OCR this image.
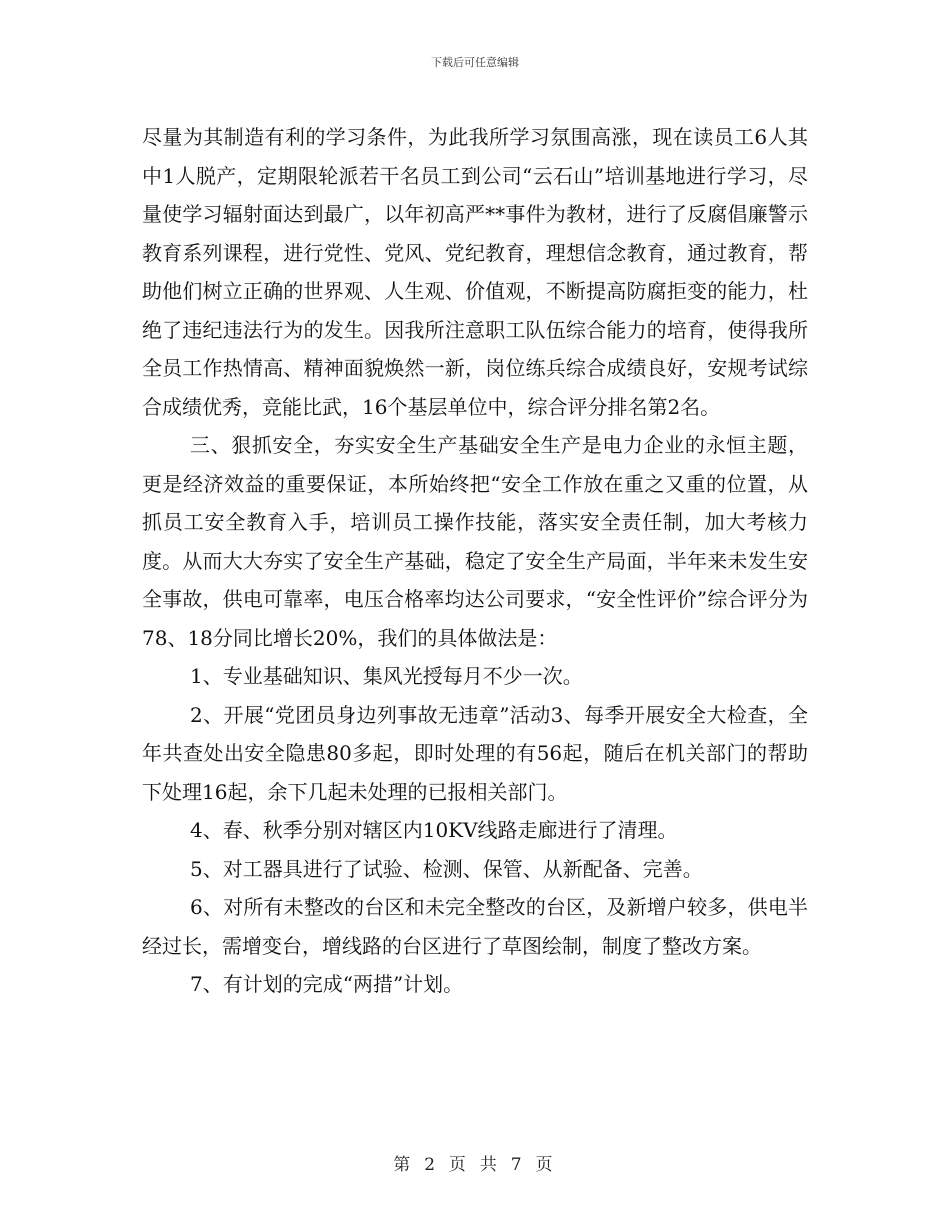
下载后可任意编辑

尽量为其制造有利的学习条件，为此我所学习氛围高涨，现在读员工6人其中1人脱产，定期限轮派若干名员工到公司“云石山”培训基地进行学习，尽量使学习辐射面达到最广，以年初高严**事件为教材，进行了反腐倡廉警示教育系列课程，进行党性、党风、党纪教育，理想信念教育，通过教育，帮助他们树立正确的世界观、人生观、价值观，不断提高防腐拒变的能力，杜绝了违纪违法行为的发生。因我所注意职工队伍综合能力的培育，使得我所全员工作热情高、精神面貌焕然一新，岗位练兵综合成绩良好，安规考试综合成绩优秀，竞能比武，16个基层单位中，综合评分排名第2名。

三、狠抓安全，夯实安全生产基础安全生产是电力企业的永恒主题，更是经济效益的重要保证，本所始终把“安全工作放在重之又重的位置，从抓员工安全教育入手，培训员工操作技能，落实安全责任制，加大考核力度。从而大大夯实了安全生产基础，稳定了安全生产局面，半年来未发生安全事故，供电可靠率，电压合格率均达公司要求，“安全性评价”综合评分为78、18分同比增长20%，我们的具体做法是：

1、专业基础知识、集风光授每月不少一次。

2、开展“党团员身边列事故无违章”活动3、每季开展安全大检查，全年共查处出安全隐患80多起，即时处理的有56起，随后在机关部门的帮助下处理16起，余下几起未处理的已报相关部门。

4、春、秋季分别对辖区内10KV线路走廊进行了清理。

5、对工器具进行了试验、检测、保管、从新配备、完善。

6、对所有未整改的台区和未完全整改的台区，及新增户较多，供电半经过长，需增变台，增线路的台区进行了草图绘制，制度了整改方案。

7、有计划的完成“两措”计划。

第 2 页 共 7 页
